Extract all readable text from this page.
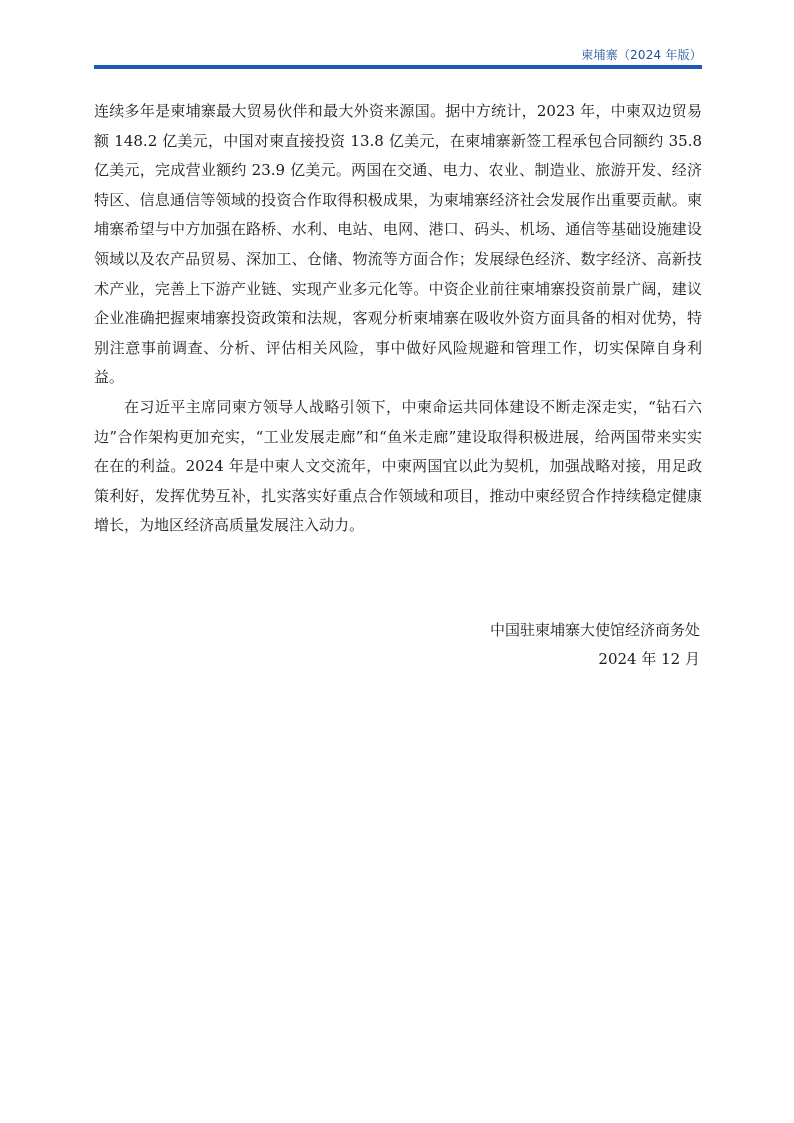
柬埔寨（2024 年版）

连续多年是柬埔寨最大贸易伙伴和最大外资来源国。据中方统计，2023 年，中柬双边贸易额 148.2 亿美元，中国对柬直接投资 13.8 亿美元，在柬埔寨新签工程承包合同额约 35.8 亿美元，完成营业额约 23.9 亿美元。两国在交通、电力、农业、制造业、旅游开发、经济特区、信息通信等领域的投资合作取得积极成果，为柬埔寨经济社会发展作出重要贡献。柬埔寨希望与中方加强在路桥、水利、电站、电网、港口、码头、机场、通信等基础设施建设领域以及农产品贸易、深加工、仓储、物流等方面合作；发展绿色经济、数字经济、高新技术产业，完善上下游产业链、实现产业多元化等。中资企业前往柬埔寨投资前景广阔，建议企业准确把握柬埔寨投资政策和法规，客观分析柬埔寨在吸收外资方面具备的相对优势，特别注意事前调查、分析、评估相关风险，事中做好风险规避和管理工作，切实保障自身利益。

在习近平主席同柬方领导人战略引领下，中柬命运共同体建设不断走深走实，“钻石六边”合作架构更加充实，“工业发展走廊”和“鱼米走廊”建设取得积极进展，给两国带来实实在在的利益。2024 年是中柬人文交流年，中柬两国宜以此为契机，加强战略对接，用足政策利好，发挥优势互补，扎实落实好重点合作领域和项目，推动中柬经贸合作持续稳定健康增长，为地区经济高质量发展注入动力。

中国驻柬埔寨大使馆经济商务处
2024 年 12 月
